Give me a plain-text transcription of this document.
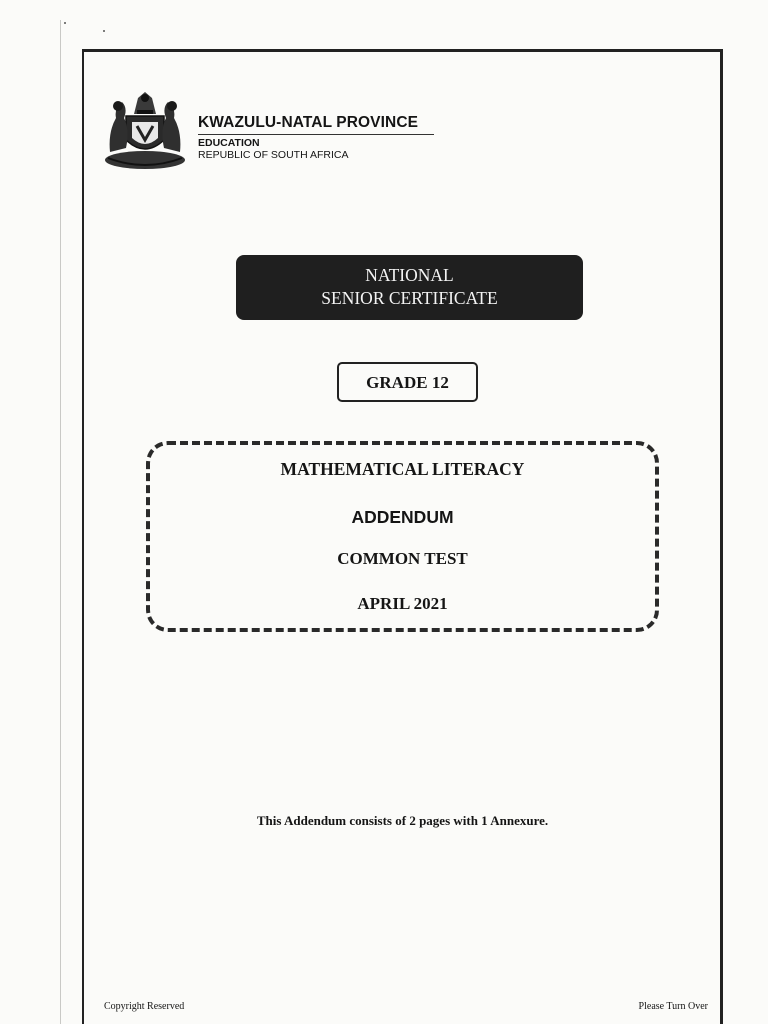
KWAZULU-NATAL PROVINCE
EDUCATION
REPUBLIC OF SOUTH AFRICA
NATIONAL
SENIOR CERTIFICATE
GRADE 12
MATHEMATICAL LITERACY
ADDENDUM
COMMON TEST
APRIL 2021
This Addendum consists of 2 pages with 1 Annexure.
Copyright Reserved	Please Turn Over
